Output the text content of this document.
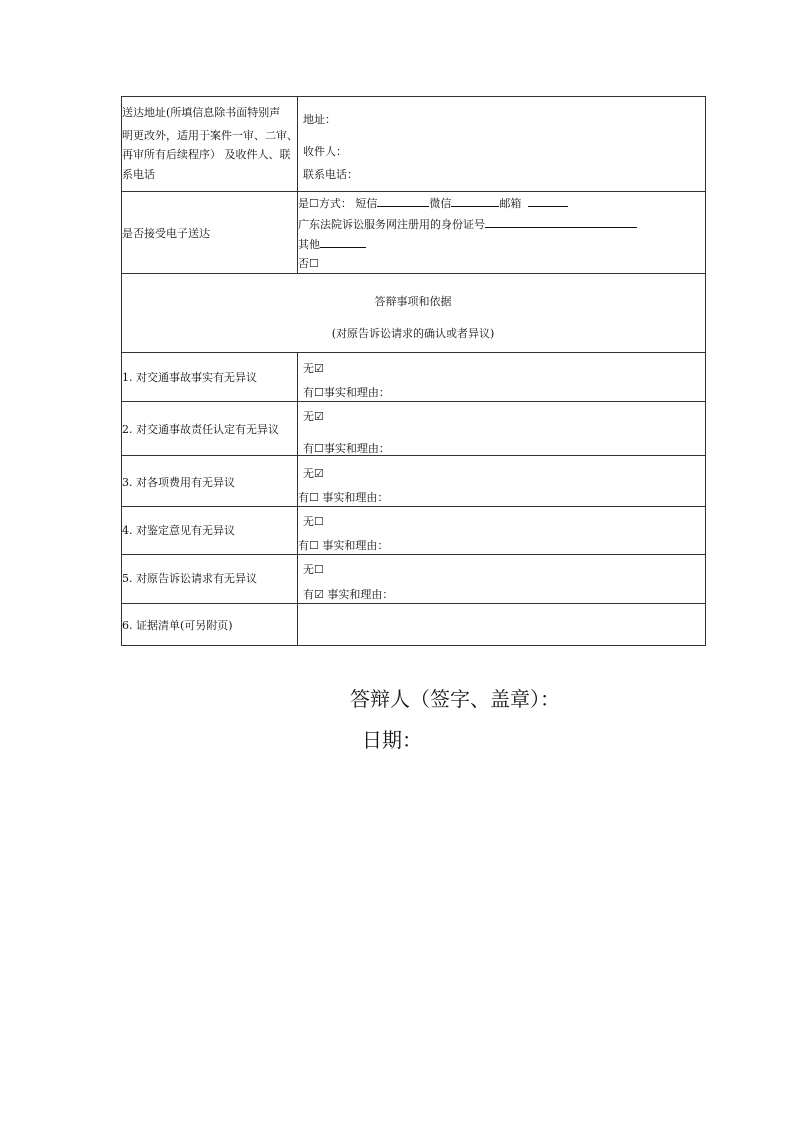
送达地址(所填信息除书面特别声
明更改外，适用于案件一审、二审、
再审所有后续程序） 及收件人、联
系电话
地址：
收件人：
联系电话：
是否接受电子送达
是☐方式： 短信	微信	邮箱
广东法院诉讼服务网注册用的身份证号
其他
否☐
答辩事项和依据
(对原告诉讼请求的确认或者异议)
1. 对交通事故事实有无异议
无☑
有☐事实和理由：
2. 对交通事故责任认定有无异议
无☑
有☐事实和理由：
3. 对各项费用有无异议
无☑
有☐ 事实和理由：
4. 对鉴定意见有无异议
无☐
有☐ 事实和理由：
5. 对原告诉讼请求有无异议
无☐
有☑ 事实和理由：
6. 证据清单(可另附页)
答辩人（签字、盖章）：
日期：
